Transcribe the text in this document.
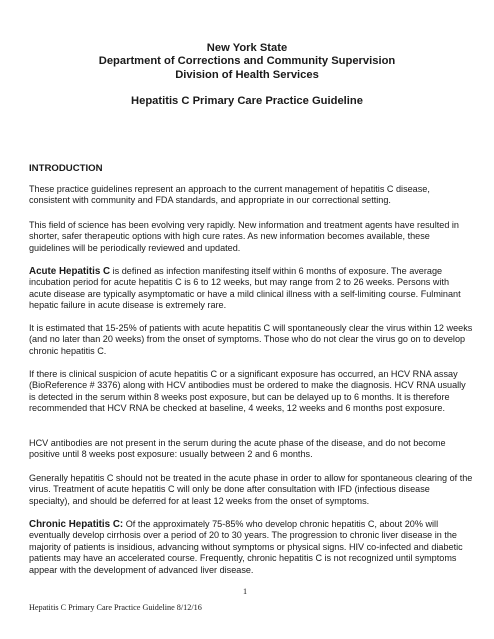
New York State
Department of Corrections and Community Supervision
Division of Health Services
Hepatitis C Primary Care Practice Guideline
INTRODUCTION

These practice guidelines represent an approach to the current management of hepatitis C disease, consistent with community and FDA standards, and appropriate in our correctional setting.

This field of science has been evolving very rapidly. New information and treatment agents have resulted in shorter, safer therapeutic options with high cure rates. As new information becomes available, these guidelines will be periodically reviewed and updated.

Acute Hepatitis C is defined as infection manifesting itself within 6 months of exposure. The average incubation period for acute hepatitis C is 6 to 12 weeks, but may range from 2 to 26 weeks. Persons with acute disease are typically asymptomatic or have a mild clinical illness with a self-limiting course. Fulminant hepatic failure in acute disease is extremely rare.

It is estimated that 15-25% of patients with acute hepatitis C will spontaneously clear the virus within 12 weeks (and no later than 20 weeks) from the onset of symptoms. Those who do not clear the virus go on to develop chronic hepatitis C.

If there is clinical suspicion of acute hepatitis C or a significant exposure has occurred, an HCV RNA assay (BioReference # 3376) along with HCV antibodies must be ordered to make the diagnosis. HCV RNA usually is detected in the serum within 8 weeks post exposure, but can be delayed up to 6 months. It is therefore recommended that HCV RNA be checked at baseline, 4 weeks, 12 weeks and 6 months post exposure.

HCV antibodies are not present in the serum during the acute phase of the disease, and do not become positive until 8 weeks post exposure: usually between 2 and 6 months.

Generally hepatitis C should not be treated in the acute phase in order to allow for spontaneous clearing of the virus. Treatment of acute hepatitis C will only be done after consultation with IFD (infectious disease specialty), and should be deferred for at least 12 weeks from the onset of symptoms.

Chronic Hepatitis C: Of the approximately 75-85% who develop chronic hepatitis C, about 20% will eventually develop cirrhosis over a period of 20 to 30 years. The progression to chronic liver disease in the majority of patients is insidious, advancing without symptoms or physical signs. HIV co-infected and diabetic patients may have an accelerated course. Frequently, chronic hepatitis C is not recognized until symptoms appear with the development of advanced liver disease.

1
Hepatitis C Primary Care Practice Guideline 8/12/16
